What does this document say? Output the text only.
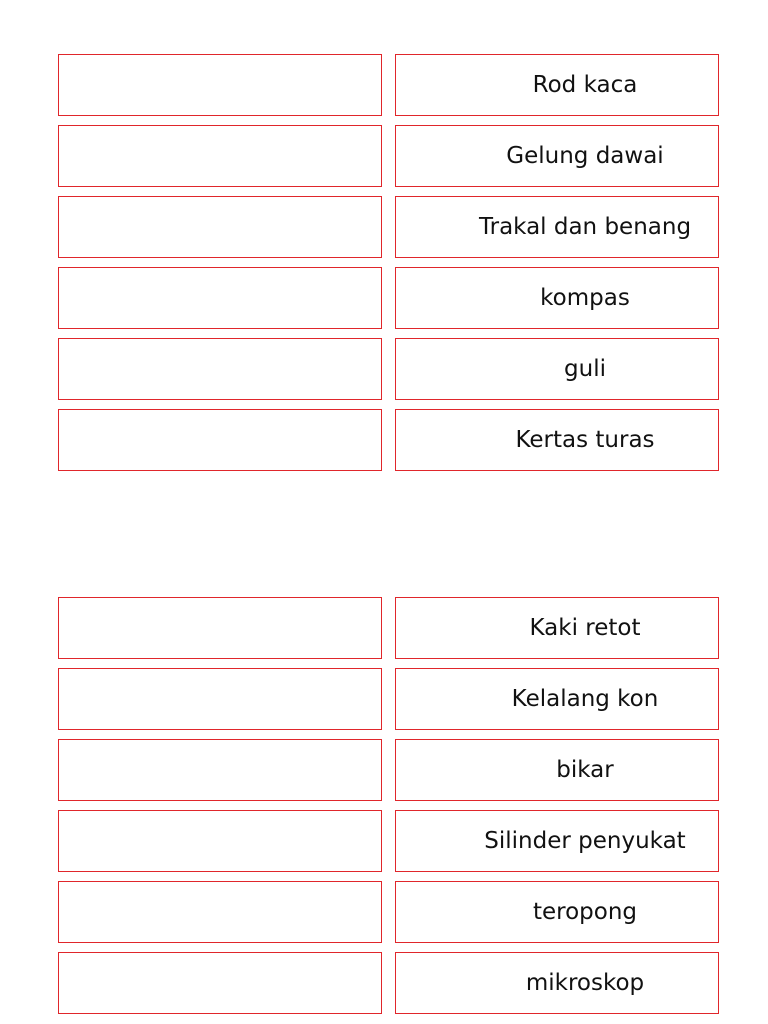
Rod kaca
Gelung dawai
Trakal dan benang
kompas
guli
Kertas turas
Kaki retot
Kelalang kon
bikar
Silinder penyukat
teropong
mikroskop
